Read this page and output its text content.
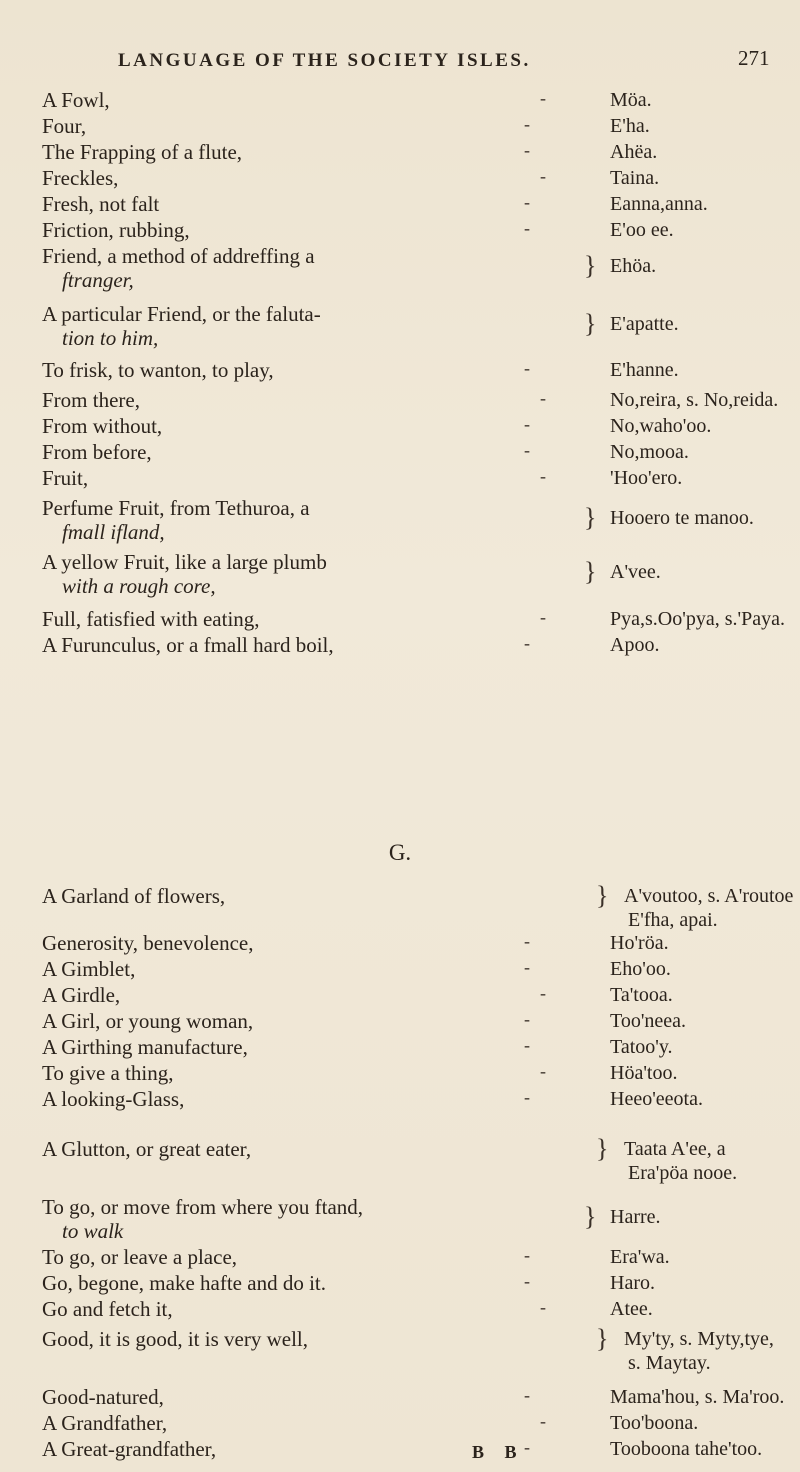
LANGUAGE OF THE SOCIETY ISLES.	271
A Fowl,	-	Möa.
Four,	-	E'ha.
The Frapping of a flute,	-	Ahëa.
Freckles,	-	Taina.
Fresh, not falt	-	Eanna,anna.
Friction, rubbing,	-	E'oo ee.
Friend, a method of addreffing a
ftranger,	} Ehöa.
A particular Friend, or the faluta-
tion to him,	} E'apatte.
To frisk, to wanton, to play,	-	E'hanne.
From there,	-	No,reira, s. No,reida.
From without,	-	No,waho'oo.
From before,	-	No,mooa.
Fruit,	-	'Hoo'ero.
Perfume Fruit, from Tethuroa, a
fmall ifland,	} Hooero te manoo.
A yellow Fruit, like a large plumb
with a rough core,	} A'vee.
Full, fatisfied with eating,	-	Pya,s.Oo'pya, s.'Paya.
A Furunculus, or a fmall hard boil,	-	Apoo.
G.
A Garland of flowers,	} A'voutoo, s. A'routoe
E'fha, apai.
Generosity, benevolence,	-	Ho'röa.
A Gimblet,	-	Eho'oo.
A Girdle,	-	Ta'tooa.
A Girl, or young woman,	-	Too'neea.
A Girthing manufacture,	-	Tatoo'y.
To give a thing,	-	Höa'too.
A looking-Glass,	-	Heeo'eeota.
A Glutton, or great eater,	} Taata A'ee, a
Era'pöa nooe.
To go, or move from where you ftand,
to walk	} Harre.
To go, or leave a place,	-	Era'wa.
Go, begone, make hafte and do it.	-	Haro.
Go and fetch it,	-	Atee.
Good, it is good, it is very well,	} My'ty, s. Myty,tye,
s. Maytay.
Good-natured,	-	Mama'hou, s. Ma'roo.
A Grandfather,	-	Too'boona.
A Great-grandfather,	-	Tooboona tahe'too.
B B
